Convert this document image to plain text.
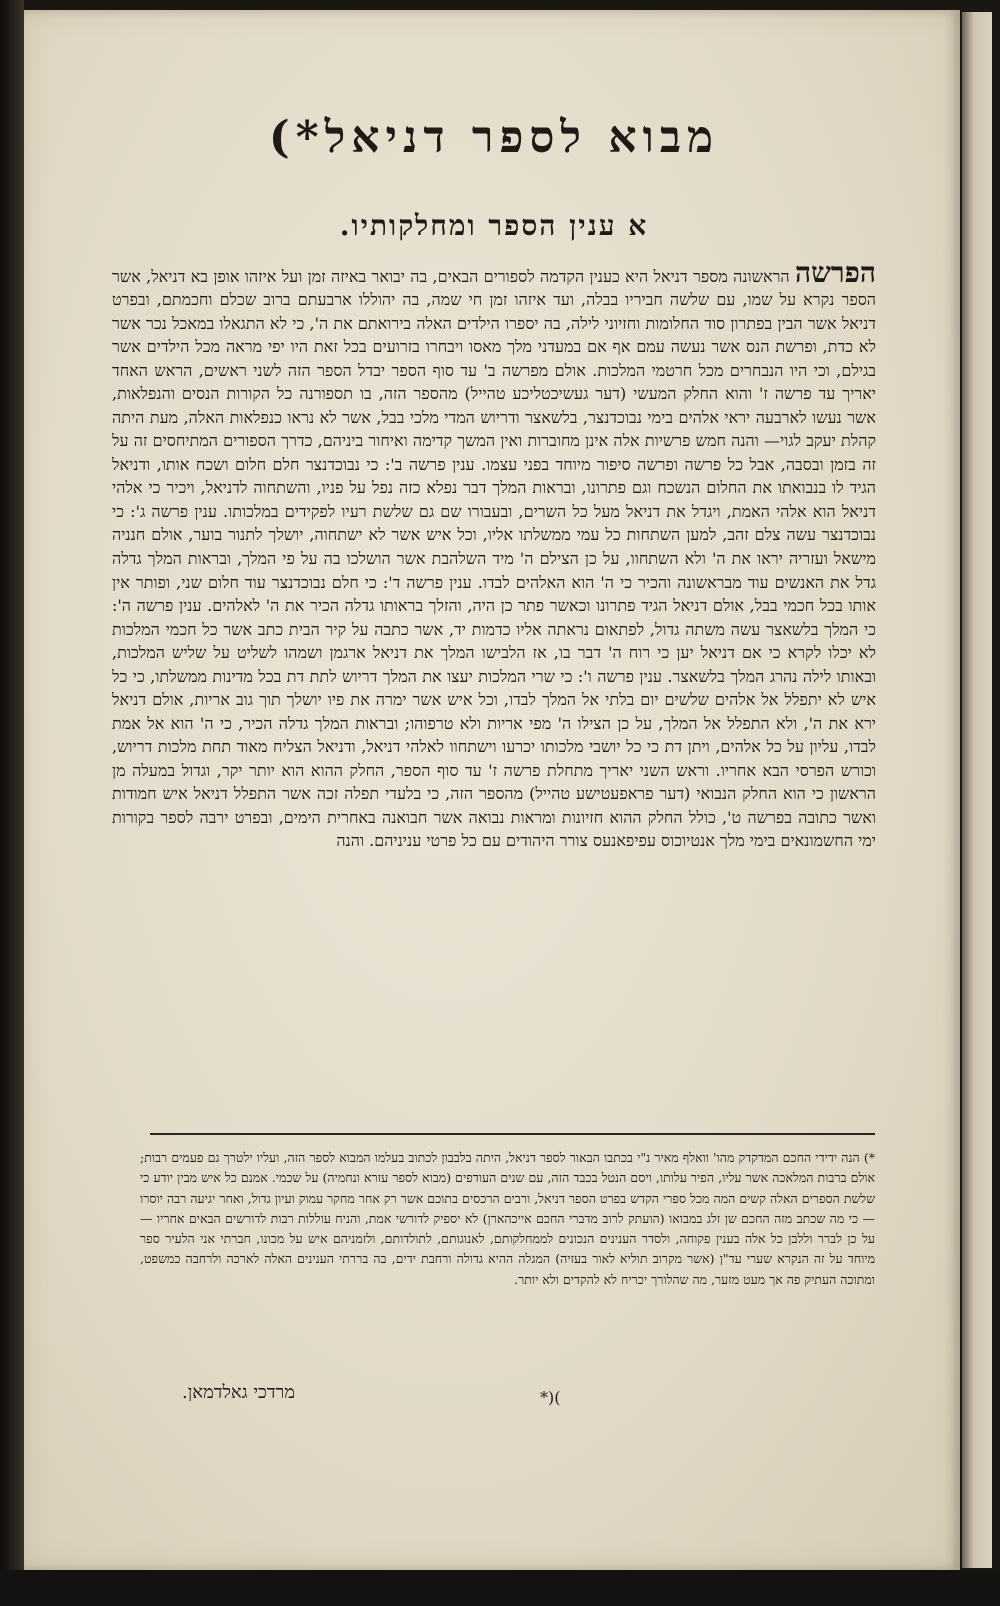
מבוא לספר דניאל*)
א ענין הספר ומחלקותיו.

הפרשה הראשונה מספר דניאל היא כענין הקדמה לספורים הבאים, בה יבואר באיזה זמן ועל איזהו אופן בא דניאל, אשר הספר נקרא על שמו, עם שלשה חביריו בבלה, ועד איזהו זמן חי שמה, בה יהוללו ארבעתם ברוב שכלם וחכמתם, ובפרט דניאל אשר הבין בפתרון סוד החלומות וחזיוני לילה, בה יספרו הילדים האלה בירואתם את ה', כי לא התגאלו במאכל נכר אשר לא כדת, ופרשת הנס אשר נעשה עמם אף אם במעדני מלך מאסו ויבחרו בזרועים בכל זאת היו יפי מראה מכל הילדים אשר בגילם, וכי היו הנבחרים מכל חרטמי המלכות. אולם מפרשה ב' עד סוף הספר יבדל הספר הזה לשני ראשים, הראש האחד יאריך עד פרשה ז' והוא החלק המעשי (דער געשיכטליכע טהייל) מהספר הזה, בו תספורנה כל הקורות הנסים והנפלאות, אשר נעשו לארבעה יראי אלהים בימי נבוכדנצר, בלשאצר ודריוש המדי מלכי בבל, אשר לא נראו כנפלאות האלה, מעת היתה קהלת יעקב לגוי— והנה חמש פרשיות אלה אינן מחוברות ואין המשך קדימה ואיחור ביניהם, כדרך הספורים המתיחסים זה על זה בזמן ובסבה, אבל כל פרשה ופרשה סיפור מיוחד בפני עצמו. ענין פרשה ב': כי נבוכדנצר חלם חלום ושכח אותו, ודניאל הגיד לו בנבואתו את החלום הנשכח וגם פתרונו, ובראות המלך דבר נפלא כזה נפל על פניו, והשתחוה לדניאל, ויכיר כי אלהי דניאל הוא אלהי האמת, ויגדל את דניאל מעל כל השרים, ובעבורו שם גם שלשת רעיו לפקידים במלכותו. ענין פרשה ג': כי נבוכדנצר עשה צלם זהב, למען השתחות כל עמי ממשלתו אליו, וכל איש אשר לא ישתחוה, יושלך לתנור בוער, אולם חנניה מישאל ועזריה יראו את ה' ולא השתחוו, על כן הצילם ה' מיד השלהבת אשר הושלכו בה על פי המלך, ובראות המלך גדלה גדל את האנשים עוד מבראשונה והכיר כי ה' הוא האלהים לבדו. ענין פרשה ד': כי חלם נבוכדנצר עוד חלום שני, ופותר אין אותו בכל חכמי בבל, אולם דניאל הגיד פתרונו וכאשר פתר כן היה, והזלך בראותו גדלה הכיר את ה' לאלהים. ענין פרשה ה': כי המלך בלשאצר עשה משתה גדול, לפתאום נראתה אליו כדמות יד, אשר כתבה על קיר הבית כתב אשר כל חכמי המלכות לא יכלו לקרא כי אם דניאל יען כי רוח ה' דבר בו, אז הלבישו המלך את דניאל ארגמן ושמהו לשליט על שליש המלכות, ובאותו לילה נהרג המלך בלשאצר. ענין פרשה ו': כי שרי המלכות יעצו את המלך דריוש לתת דת בכל מדינות ממשלתו, כי כל איש לא יתפלל אל אלהים שלשים יום בלתי אל המלך לבדו, וכל איש אשר ימרה את פיו יושלך תוך גוב אריות, אולם דניאל ירא את ה', ולא התפלל אל המלך, על כן הצילו ה' מפי אריות ולא טרפוהו; ובראות המלך גדלה הכיר, כי ה' הוא אל אמת לבדו, עליון על כל אלהים, ויתן דת כי כל יושבי מלכותו יכרעו וישתחוו לאלהי דניאל, ודניאל הצליח מאוד תחת מלכות דריוש, וכורש הפרסי הבא אחריו. וראש השני יאריך מתחלת פרשה ז' עד סוף הספר, החלק ההוא הוא יותר יקר, וגדול במעלה מן הראשון כי הוא החלק הנבואי (דער פראפעטישע טהייל) מהספר הזה, כי בלעדי תפלה זכה אשר התפלל דניאל איש חמודות ואשר כתובה בפרשה ט', כולל החלק ההוא חזיונות ומראות נבואה אשר חבואנה באחרית הימים, ובפרט ירבה לספר בקורות ימי החשמונאים בימי מלך אנטיוכוס עפיפאנעס צורר היהודים עם כל פרטי עניניהם. והנה

*) הנה ידידי החכם המדקדק מהו' וואלף מאיר נ"י בכתבו הבאור לספר דניאל, היתה בלבבון לכתוב בעלמו המבוא לספר הזה, ועליו ילטרך גם פעמים רבות; אולם ברבות המלאכה אשר עליו, הפיר עלותו, ויסם הנטל בכבד הזה, עם שנים העודפים (מבוא לספר עזרא ונחמיה) על שכמי. אמנם כל איש מבין יודע כי שלשת הספרים האלה קשים המה מכל ספרי הקדש בפרט הספר דניאל, ורבים הרכסים בתוכם אשר רק אחר מחקר עמוק ועיון גדול, ואחר יגיעה רבה יוסרו — כי מה שכתב מזה החכם שן זלג במבואו (הועתק לרוב מדברי החכם אייכהארן) לא יספיק לדורשי אמת, והניח עוללות רבות לדורשים הבאים אחריו — על כן לברר וללבן כל אלה בענין פקוחה, ולסדר הענינים הנכונים לממחלקותם, לאנוגותם, לתולדותם, ולזמניהם איש על מכונו, חברתי אני הלעיר ספר מיוחד על זה הנקרא שערי עד"ן (אשר מקרוב תוליא לאור בעזיה) המגלה ההיא גדולה ורחבת ידים, בה בררתי הענינים האלה לארכה ולרחבה כמשפט, ומתוכה העתיק פה אך מעט מזער, מה שהלורך יכריח לא להקדים ולא יותר.

מרדכי גאלדמאן.	*)(
